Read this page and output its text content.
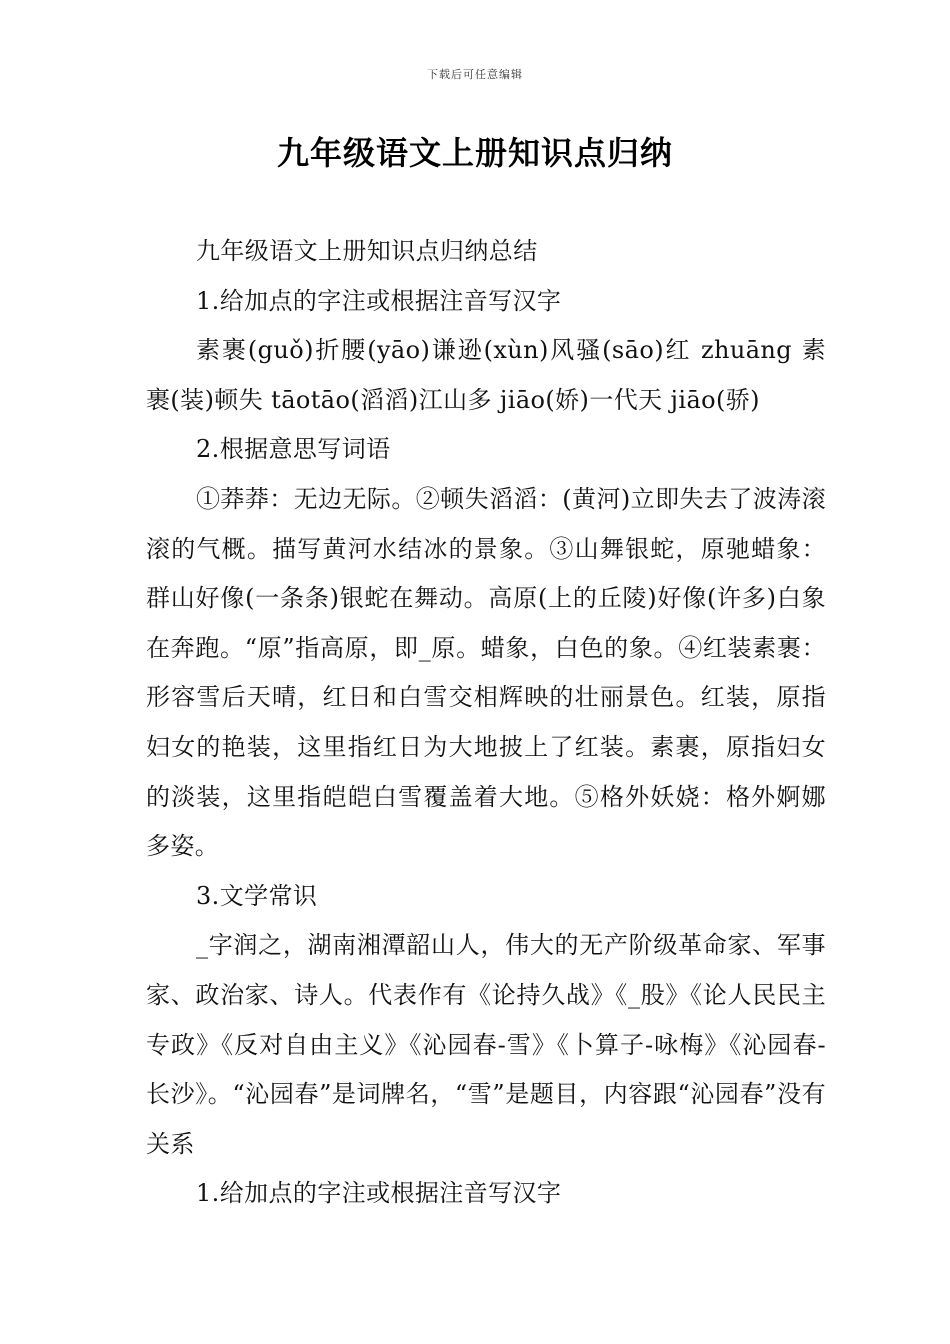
下载后可任意编辑
九年级语文上册知识点归纳

九年级语文上册知识点归纳总结

1.给加点的字注或根据注音写汉字

素裹(guǒ)折腰(yāo)谦逊(xùn)风骚(sāo)红 zhuāng 素裹(装)顿失 tāotāo(滔滔)江山多 jiāo(娇)一代天 jiāo(骄)

2.根据意思写词语

①莽莽：无边无际。②顿失滔滔：(黄河)立即失去了波涛滚滚的气概。描写黄河水结冰的景象。③山舞银蛇，原驰蜡象：群山好像(一条条)银蛇在舞动。高原(上的丘陵)好像(许多)白象在奔跑。“原”指高原，即_原。蜡象，白色的象。④红装素裹：形容雪后天晴，红日和白雪交相辉映的壮丽景色。红装，原指妇女的艳装，这里指红日为大地披上了红装。素裹，原指妇女的淡装，这里指皑皑白雪覆盖着大地。⑤格外妖娆：格外婀娜多姿。

3.文学常识

_字润之，湖南湘潭韶山人，伟大的无产阶级革命家、军事家、政治家、诗人。代表作有《论持久战》《_股》《论人民民主专政》《反对自由主义》《沁园春-雪》《卜算子-咏梅》《沁园春-长沙》。“沁园春”是词牌名，“雪”是题目，内容跟“沁园春”没有关系

1.给加点的字注或根据注音写汉字
